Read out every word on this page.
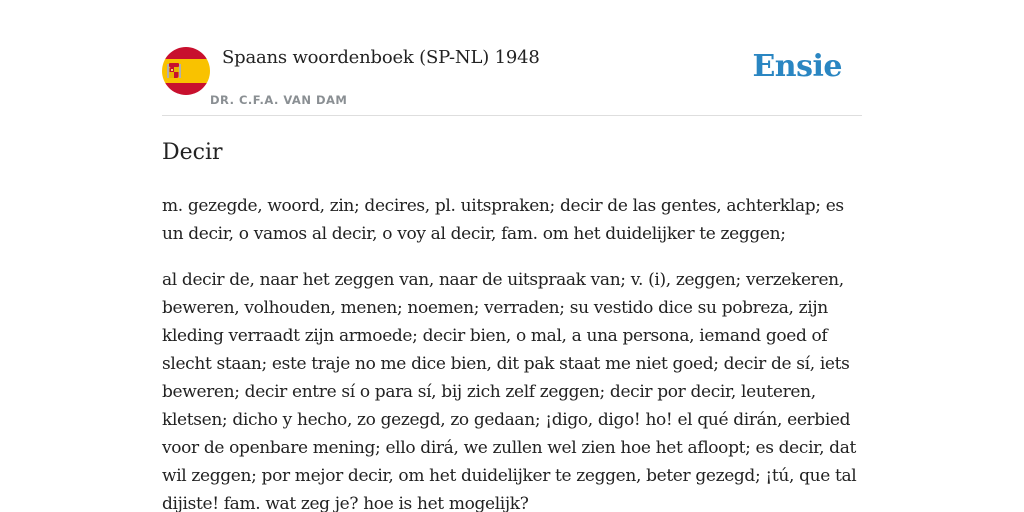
Spaans woordenboek (SP-NL) 1948
DR. C.F.A. VAN DAM
Ensie
Decir

m. gezegde, woord, zin; decires, pl. uitspraken; decir de las gentes, achterklap; es un decir, o vamos al decir, o voy al decir, fam. om het duidelijker te zeggen;

al decir de, naar het zeggen van, naar de uitspraak van; v. (i), zeggen; verzekeren, beweren, volhouden, menen; noemen; verraden; su vestido dice su pobreza, zijn kleding verraadt zijn armoede; decir bien, o mal, a una persona, iemand goed of slecht staan; este traje no me dice bien, dit pak staat me niet goed; decir de sí, iets beweren; decir entre sí o para sí, bij zich zelf zeggen; decir por decir, leuteren, kletsen; dicho y hecho, zo gezegd, zo gedaan; ¡digo, digo! ho! el qué dirán, eerbied voor de openbare mening; ello dirá, we zullen wel zien hoe het afloopt; es decir, dat wil zeggen; por mejor decir, om het duidelijker te zeggen, beter gezegd; ¡tú, que tal dijiste! fam. wat zeg je? hoe is het mogelijk?
